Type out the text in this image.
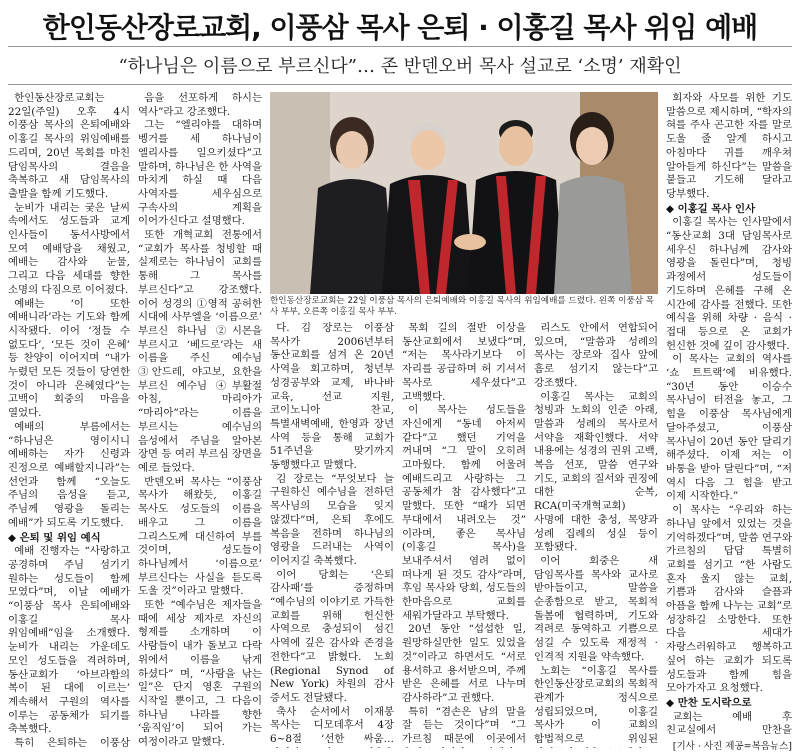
한인동산장로교회, 이풍삼 목사 은퇴 · 이홍길 목사 위임 예배
“하나님은 이름으로 부르신다”… 존 반덴오버 목사 설교로 ‘소명’ 재확인

한인동산장로교회는 22일(주일) 오후 4시 이풍삼 목사의 은퇴예배와 이홍길 목사의 위임예배를 드리며, 20년 목회를 마친 담임목사의 결음을 축복하고 새 담임목사의 출발을 함께 기도했다.

눈비가 내리는 궂은 날씨 속에서도 성도들과 교계 인사들이 동서사방에서 모여 예배당을 채웠고, 예배는 감사와 눈물, 그리고 다음 세대를 향한 소명의 다짐으로 이어졌다.

예배는 ‘이 또한 예배니라’라는 기도와 함께 시작됐다. 이어 ‘정들 수 없도다’, ‘모든 것이 은혜’ 등 찬양이 이어지며 “내가 누렸던 모든 것들이 당연한 것이 아니라 은혜였다”는 고백이 회중의 마음을 열었다.

예배의 부름에서는 “하나님은 영이시니 예배하는 자가 신령과 진정으로 예배할지니라”는 선언과 함께 “오늘도 주님의 음성을 듣고, 주님께 영광을 돌리는 예배”가 되도록 기도했다.

◆ 은퇴 및 위임 예식

예배 진행자는 “사랑하고 공경하며 주님 섬기기 원하는 성도들이 함께 모였다”며, 이날 예배가 “이풍삼 목사 은퇴예배와 이홍길 목사 위임예배”임을 소개했다. 눈비가 내리는 가운데도 모인 성도들을 격려하며, 동산교회가 ‘아브라함의 복이 된 대에 이르는’ 계속해서 구원의 역사를 이루는 공동체가 되기를 축복했다.

특히 은퇴하는 이풍삼

음을 선포하게 하시는 역사”라고 강조했다.

그는 “엘리야를 대하며 벵거를 세 하나님이 엘리사를 일으키셨다”고 말하며, 하나님은 한 사역을 마치게 하실 때 다음 사역자를 세우심으로 구속사의 계획을 이어가신다고 설명했다.

또한 개혁교회 전통에서 “교회가 목사를 청빙할 때 실제로는 하나님이 교회를 통해 그 목사를 부르신다”고 강조했다. 이어 성경의 ①영적 공허한 시대에 사무엘을 ‘이름으로’ 부르신 하나님 ②시몬을 부르시고 ‘베드로’라는 새 이름을 주신 예수님 ③안드레, 야고보, 요한을 부르신 예수님 ④부활절 아침, 마리아가 “마리아”라는 이름을 부르시는 예수님의 음성에서 주님을 알아본 장면 등 여러 부르심 장면을 예로 들었다.

반덴오버 목사는 “이풍삼 목사가 해왔듯, 이홍길 목사도 성도들의 이름을 배우고 그 이름을 그리스도께 대신하여 부를 것이며, 성도들이 하나님께서 ‘이름으로’ 부르신다는 사실을 듣도록 도울 것”이라고 말했다.

또한 “예수님은 제자들을 때에 세상 제자로 자신의 형제를 소개하며 이 사람들이 내가 돌보고 다락 위에서 이름을 낚게 하셨다” 며, “사람을 낚는 일”은 단지 영혼 구원의 시작일 뿐이고, 그 다음이 하나님 나라를 향한 ‘움직임’이 되어 가는 여정이라고 말했다.

한인동산장로교회는 22일 이풍삼 목사의 은퇴예배와 이홍길 목사의 위임예배를 드렸다. 왼쪽 이풍삼 목사 부부, 오른쪽 이홍길 목사 부부.

다. 김 장로는 이풍삼 목사가 2006년부터 동산교회를 섬겨 온 20년 사역을 회고하며, 청년부 성경공부와 교제, 바나바 교육, 선교 지원, 코이노니아 찬교, 특별새벽예배, 한영과 장년 사역 등을 통해 교회가 51주년을 맞기까지 동행했다고 말했다.

김 장로는 “무엇보다 늘 구원하신 예수님을 전하던 목사님의 모습을 잊지 않겠다”며, 은퇴 후에도 복음을 전하며 하나님의 영광을 드러내는 사역이 이어지길 축복했다.

이어 당회는 ‘은퇴 감사패’를 증정하며 “예수님의 이야기로 가득한 교회를 위해 헌신한 사역으로 충성되이 섬긴 사역에 깊은 감사와 존경을 전한다”고 밝혔다. 노회(Regional Synod of New York) 차원의 감사 증서도 전달됐다.

축사 순서에서 이재봉 목사는 디모데후서 4장 6~8절 ‘선한 싸움…

목회 길의 절반 이상을 동산교회에서 보냈다”며, “저는 목사라기보다 이 자리를 공급하며 허 기셔서 목사로 세우셨다”고 고백했다.

이 목사는 성도들을 자신에게 “동네 아저씨 같다”고 했던 기억을 꺼내며 “그 말이 오히려 고마웠다. 함께 어울려 예배드리고 사랑하는 그 공동체가 참 감사했다”고 말했다. 또한 “때가 되면 무대에서 내려오는 것” 이라며, 좋은 목사님(이홍길 목사)을 보내주셔서 염려 없이 떠나게 된 것도 감사”라며, 후임 목사와 당회, 성도들의 한마음으로 교회를 세워가달라고 부탁했다.

20년 동안 “섭섭한 일, 원망하실만한 일도 있었을 것”이라고 하면서도 “서로 용서하고 용서받으며, 주께 받은 은혜를 서로 나누며 감사하라”고 권했다.

특히 “겸손은 남의 말을 잘 듣는 것이다”며 “그 가르침 때문에 이곳에서

리스도 안에서 연합되어 있으며, “말씀과 성례의 목사는 장로와 집사 앞에 흠로 섬기지 않는다”고 강조했다.

이홍길 목사는 교회의 청빙과 노회의 인준 아래, 말씀과 성례의 목사로서 서약을 재확인했다. 서약 내용에는 성경의 권위 고백, 복음 선포, 말씀 연구와 기도, 교회의 질서와 권징에 대한 순복, RCA(미국개혁교회) 사명에 대한 충성, 목양과 성례 집례의 성실 등이 포함됐다.

이어 회중은 새 담임목사를 목사와 교사로 받아들이고, 말씀을 순종함으로 받고, 목회적 돌봄에 협력하며, 기도와 격려로 동역하고 기쁨으로 섬길 수 있도록 재정적 · 인격적 지원을 약속했다.

노회는 “이홍길 목사를 한인동산장로교회의 목회적 관계가 정식으로 성립되었으며, 이홍길 목사가 이 교회의 합법적으로 위임된

회자와 사모를 위한 기도 말씀으로 제시하며, “학자의 혀를 주사 곤고한 자를 말로 도울 줄 알게 하시고 아침마다 귀를 깨우쳐 알아듣게 하신다”는 말씀을 붙들고 기도해 달라고 당부했다.

◆ 이홍길 목사 인사

이홍길 목사는 인사말에서 “동산교회 3대 담임목사로 세우신 하나님께 감사와 영광을 돌린다”며, 청빙 과정에서 성도들이 기도하며 은혜를 구해 온 시간에 감사를 전했다. 또한 예식을 위해 차량 · 음식 · 접대 등으로 온 교회가 헌신한 것에 깊이 감사했다.

이 목사는 교회의 역사를 ‘쇼 트트랙’에 비유했다. “30년 동안 이승수 목사님이 터전을 놓고, 그 힘을 이풍삼 목사님에게 달아주셨고, 이풍삼 목사님이 20년 동안 달리기 해주셨다. 이제 저는 이 바통을 받아 달린다”며, “저 역시 다음 그 힘을 받고 이제 시작한다.”

이 목사는 “우리와 하는 하나님 앞에서 있었는 것을 기억하겠다”며, 말씀 연구와 가르침의 답답 특별히 교회를 섬기고 “한 사람도 혼자 울지 않는 교회, 기쁨과 감사와 슬픔과 아픔을 함께 나누는 교회”로 성장하길 소망한다. 또한 다음 세대가 자랑스러워하고 행복하고 싶어 하는 교회가 되도록 성도들과 함께 힘을 모아가자고 요청했다.

◆ 만찬 도시락으로

교회는 예배 후 친교실에서 만찬을

[기사 · 사진 제공=복음뉴스]
